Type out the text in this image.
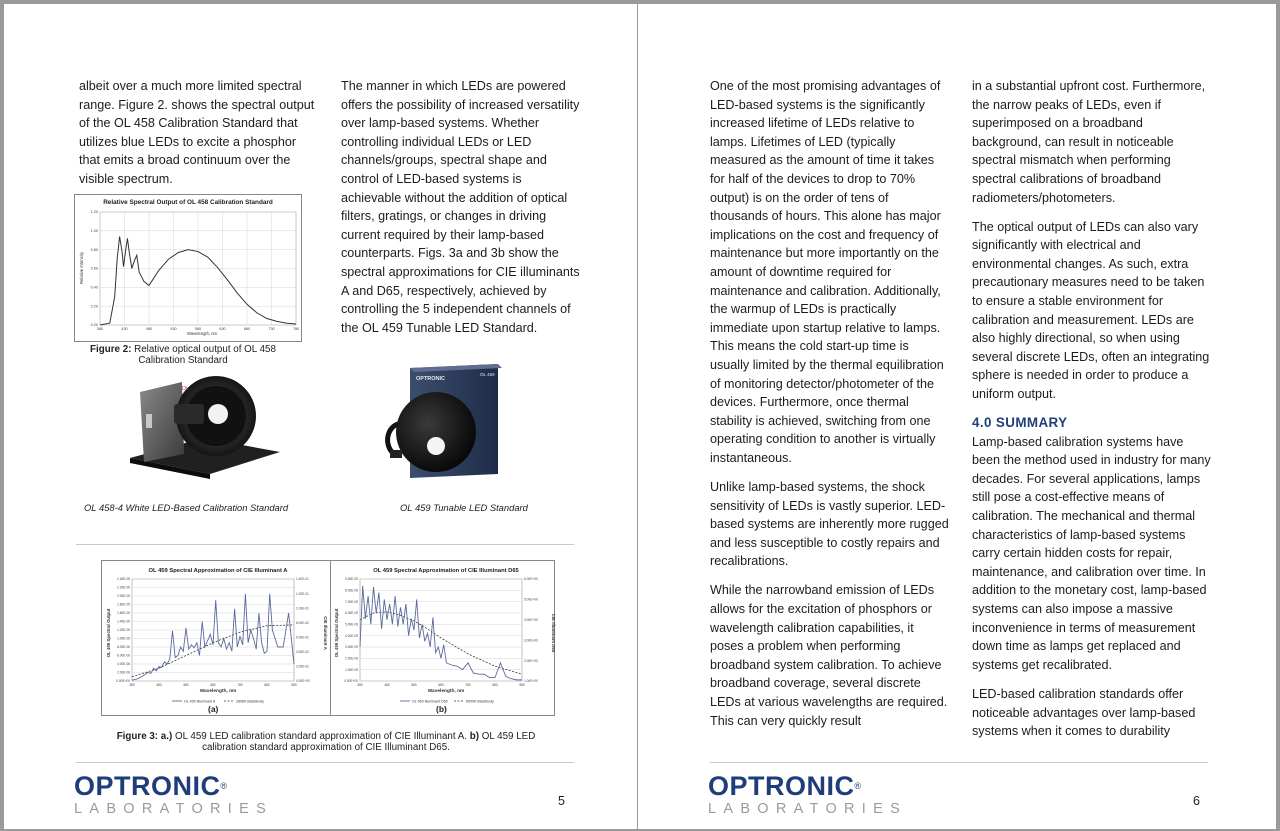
albeit over a much more limited spectral range. Figure 2. shows the spectral output of the OL 458 Calibration Standard that utilizes blue LEDs to excite a phosphor that emits a broad continuum over the visible spectrum.

The manner in which LEDs are powered offers the possibility of increased versatility over lamp-based systems. Whether controlling individual LEDs or LED channels/groups, spectral shape and control of LED-based systems is achievable without the addition of optical filters, gratings, or changes in driving current required by their lamp-based counterparts. Figs. 3a and 3b show the spectral approximations for CIE illuminants A and D65, respectively, achieved by controlling the 5 independent channels of the OL 459 Tunable LED Standard.

Relative Spectral Output of OL 458 Calibration Standard
0.00
0.20
0.40
0.60
0.80
1.00
1.20
380	430	480	530	580	630	680	730	780
Wavelength, nm
Relative Intensity
Figure 2: Relative optical output of OL 458 Calibration Standard
OL
OPTRONIC
OL 459
OL 458-4 White LED-Based Calibration Standard	OL 459 Tunable LED Standard
OL 459 Spectral Approximation of CIE Illuminant A
0.00E+00
2.00E-06
4.00E-06
6.00E-06
8.00E-06
1.00E-05
1.20E-05
1.40E-05
1.60E-05
1.80E-05
2.00E-05
2.20E-05
2.40E-05
0.00E+00
2.00E-02
4.00E-02
6.00E-02
8.00E-02
1.00E-01
1.20E-01
1.40E-01
380	480	580	680	780	880	980
Wavelength, nm
OL 459 Spectral Output	CIE Illuminant A
OL 459 Illuminant A	2856K Blackbody
OL 459 Spectral Approximation of CIE Illuminant D65
0.00E+00
1.00E-09
2.00E-09
3.00E-09
4.00E-09
5.00E-09
6.00E-09
7.00E-09
8.00E-09
9.00E-09
1.00E+00
2.00E+00
3.00E+00
4.00E+00
5.00E+00
6.00E+00
380	480	580	680	780	880	980
Wavelength, nm
OL 459 Spectral Output	CIE Illuminant D65
OL 459 Illuminant D65	6500K Blackbody
(a)	(b)
Figure 3: a.) OL 459 LED calibration standard approximation of CIE Illuminant A. b) OL 459 LED calibration standard approximation of CIE Illuminant D65.
OPTRONIC ®
LABORATORIES	5

One of the most promising advantages of LED-based systems is the significantly increased lifetime of LEDs relative to lamps. Lifetimes of LED (typically measured as the amount of time it takes for half of the devices to drop to 70% output) is on the order of tens of thousands of hours. This alone has major implications on the cost and frequency of maintenance but more importantly on the amount of downtime required for maintenance and calibration. Additionally, the warmup of LEDs is practically immediate upon startup relative to lamps. This means the cold start-up time is usually limited by the thermal equilibration of monitoring detector/photometer of the devices. Furthermore, once thermal stability is achieved, switching from one operating condition to another is virtually instantaneous.

Unlike lamp-based systems, the shock sensitivity of LEDs is vastly superior. LED-based systems are inherently more rugged and less susceptible to costly repairs and recalibrations.

While the narrowband emission of LEDs allows for the excitation of phosphors or wavelength calibration capabilities, it poses a problem when performing broadband system calibration. To achieve broadband coverage, several discrete LEDs at various wavelengths are required. This can very quickly result

in a substantial upfront cost. Furthermore, the narrow peaks of LEDs, even if superimposed on a broadband background, can result in noticeable spectral mismatch when performing spectral calibrations of broadband radiometers/photometers.

The optical output of LEDs can also vary significantly with electrical and environmental changes. As such, extra precautionary measures need to be taken to ensure a stable environment for calibration and measurement. LEDs are also highly directional, so when using several discrete LEDs, often an integrating sphere is needed in order to produce a uniform output.

4.0 SUMMARY

Lamp-based calibration systems have been the method used in industry for many decades. For several applications, lamps still pose a cost-effective means of calibration. The mechanical and thermal characteristics of lamp-based systems carry certain hidden costs for repair, maintenance, and calibration over time. In addition to the monetary cost, lamp-based systems can also impose a massive inconvenience in terms of measurement down time as lamps get replaced and systems get recalibrated.

LED-based calibration standards offer noticeable advantages over lamp-based systems when it comes to durability

OPTRONIC ®
LABORATORIES	6
